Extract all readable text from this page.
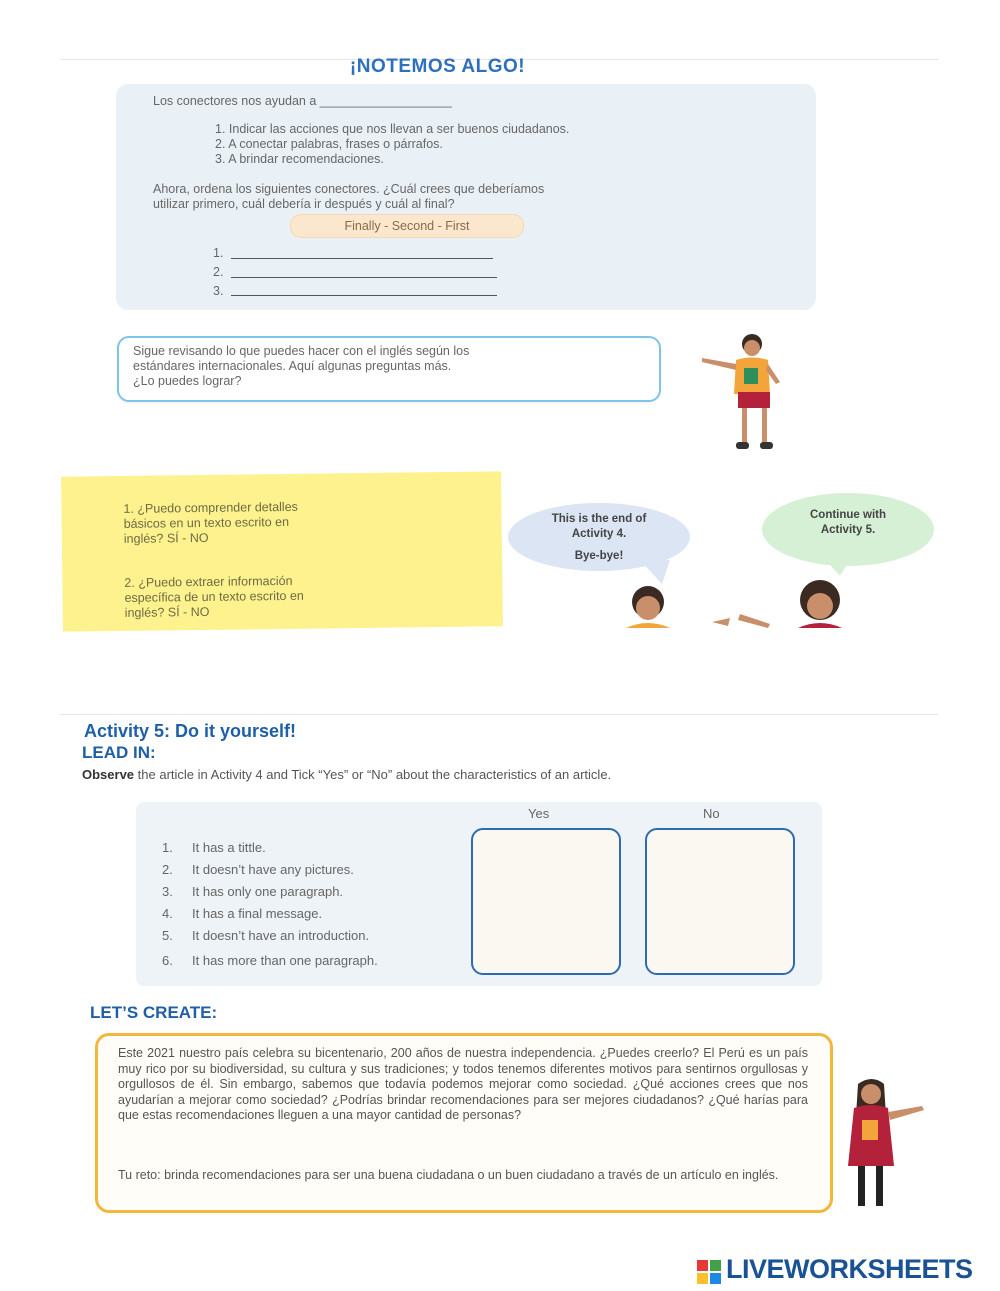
¡NOTEMOS ALGO!
Los conectores nos ayudan a ___________________
1. Indicar las acciones que nos llevan a ser buenos ciudadanos.
2. A conectar palabras, frases o párrafos.
3. A brindar recomendaciones.
Ahora, ordena los siguientes conectores. ¿Cuál crees que deberíamos
utilizar primero, cuál debería ir después y cuál al final?
Finally - Second - First
1.
2.
3.
Sigue revisando lo que puedes hacer con el inglés según los
estándares internacionales. Aquí algunas preguntas más.
¿Lo puedes lograr?
1. ¿Puedo comprender detalles
básicos en un texto escrito en
inglés? SÍ - NO
2. ¿Puedo extraer información
específica de un texto escrito en
inglés? SÍ - NO
This is the end of
Activity 4.
Bye-bye!
Continue with
Activity 5.
Activity 5: Do it yourself!
LEAD IN:
Observe the article in Activity 4 and Tick “Yes” or “No” about the characteristics of an article.
Yes	No
1. It has a tittle.
2. It doesn’t have any pictures.
3. It has only one paragraph.
4. It has a final message.
5. It doesn’t have an introduction.
6. It has more than one paragraph.
LET’S CREATE:
Este 2021 nuestro país celebra su bicentenario, 200 años de nuestra independencia. ¿Puedes creerlo? El Perú es un país muy rico por su biodiversidad, su cultura y sus tradiciones; y todos tenemos diferentes motivos para sentirnos orgullosas y orgullosos de él. Sin embargo, sabemos que todavía podemos mejorar como sociedad. ¿Qué acciones crees que nos ayudarían a mejorar como sociedad? ¿Podrías brindar recomendaciones para ser mejores ciudadanos? ¿Qué harías para que estas recomendaciones lleguen a una mayor cantidad de personas?
Tu reto: brinda recomendaciones para ser una buena ciudadana o un buen ciudadano a través de un artículo en inglés.
LIVEWORKSHEETS
